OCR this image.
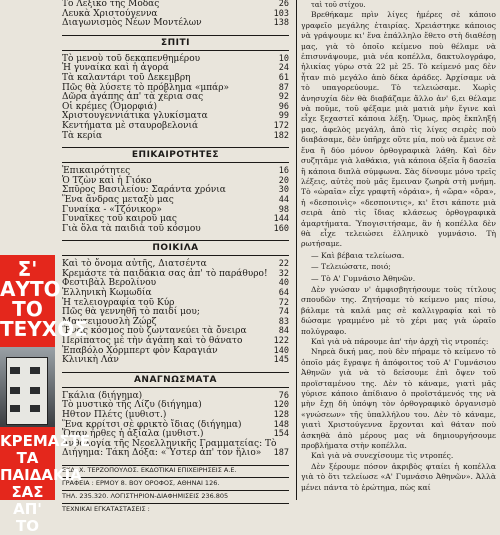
Τὸ Λεξικὸ τῆς Μόδας	26
Λευκὰ Χριστούγεννα	103
Διαγωνισμὸς Νέων Μοντέλων	138
ΣΠΙΤΙ
Τὸ μενοὺ τοῦ δεκαπενθημέρου	10
Ἡ γυναίκα καὶ ἡ ἀγορά	24
Τὰ καλαντάρι τοῦ Δεκεμβρη	61
Πῶς θὰ λύσετε τὸ πρόβλημα «μπάρ»	87
Δῶρα ἀγάπης ἀπ' τὰ χέρια σας	92
Οἱ κρέμες (Ὁμορφιά)	96
Χριστουγεννιάτικα γλυκίσματα	99
Κεντήματα μὲ σταυροβελονιά	172
Τὰ κερία	182
ΕΠΙΚΑΙΡΟΤΗΤΕΣ
Ἐπικαιρότητες	16
Ὁ Τζὼν καὶ ἡ Γιόκο	20
Σπῦρος Βασιλείου: Σαράντα χρόνια	30
Ἕνα ἄνδρας μεταξὺ μας	44
Γυναίκα - «Τζόνικορ»	98
Γυναῖκες τοῦ καιροῦ μας	144
Γιὰ ὅλα τὰ παιδιὰ τοῦ κόσμου	160
ΠΟΙΚΙΛΑ
Καὶ τὸ ὄνομα αὐτῆς, Διατσέντα	22
Κρεμάστε τὰ παιδάκια σας ἀπ' τὸ παράθυρο!	32
Φεστιβὰλ Βερολίνου	40
Ἑλληνικὴ Κωμωδία	64
Ἡ τελειογραφία τοῦ Κύρ	72
Πῶς θὰ γεννηθῆ τὸ παιδί μου;	74
Μαντειμουσλὴ Ζώρζ	83
Ἕνας κόσμος ποὺ ζωντανεύει τὰ ὄνειρα	84
Περίπατος μὲ τὴν ἀγάπη καὶ τὸ θάνατο	122
Ἐπαβόλο Χόρμπερτ φὸν Καραγιάν	140
Κλινικὴ Λάν	145
ΑΝΑΓΝΩΣΜΑΤΑ
Γκάλια (διήγημα)	76
Τὸ μυστικὸ τῆς Λίζυ (διήγημα)	120
Ηθτον Πλέτς (μυθιστ.)	128
Ἕνα κορίτσι σὲ φρικτὸ ἴδιας (διήγημα)	148
Ὅταν ἦρθες ἡ ἀξίαλα (μυθιστ.)	154
Ἀνθολογία τῆς Νεοελληνικῆς Γραμματείας: Τὸ
Διήγημα: Τάκη Δόξα: «Ὕστερ ἀπ' τὸν ἥλιο»	187
ΕΚΔ. Χ. ΤΕΡΖΟΠΟΥΛΟΣ. ΕΚΔΟΤΙΚΑΙ ΕΠΙΧΕΙΡΗΣΕΙΣ Α.Ε.
ΓΡΑΦΕΙΑ : ΕΡΜΟΥ 8. ΒΟΥ ΟΡΟΦΟΣ, ΑΘΗΝΑΙ 126.
ΤΗΛ. 235.320. ΛΟΓΙΣΤΗΡΙΟΝ-ΔΙΑΦΗΜΙΣΕΙΣ 236.805
ΤΕΧΝΙΚΑΙ ΕΓΚΑΤΑΣΤΑΣΕΙΣ :
Σ' ΑΥΤΟ
ΤΟ
ΤΕΥΧΟΣ
ΚΡΕΜΑΣΤΕ
ΤΑ
ΠΑΙΔΑΚΙΑ
ΣΑΣ
ΑΠ' ΤΟ

ταὶ τοῦ στίχου.

Βρεθήκαμε πρὶν λίγες ἡμέρες σὲ κάποιο γραφεῖο μεγάλης ἑταιρίας. Χρειάστηκε κάποιος νὰ γράψουμε κι' ἕνα ἐπάλληλο ἔθετο στὴ διαθέσῃ μας, γιὰ τὸ ὁποῖο κείμενο ποὺ θέλαμε νὰ ἐπισυνάψουμε, μιὰ νέα κοπέλλα, δακτυλογράφο, ἡλικίας γύρω στὰ 22 μὲ 25. Τὸ κείμενό μας δὲν ἦταν πιὸ μεγάλο ἀπὸ δέκα ἀράδες. Ἀρχίσαμε νὰ τὸ υπαγορεύουμε. Τὸ τελειώσαμε. Χωρὶς ἀνησυχία δὲν θὰ διαβάζαμε ἄλλο ἀν' 6,ει θέλαμε νὰ ποῦμε, τοῦ φέξαμε μιὰ ματιὰ μὴν ἔγινε καὶ εἶχε ξεχαστεῖ κάποια λέξη. Ὅμως, πρὸς ἔκπληξή μας, ἀφελὸς μεγάλη, ἀπὸ τὶς λίγες σειρὲς ποὺ διαβάσαμε, δὲν ὑπῆρχε οὔτε μία, ποὺ νὰ ἔμεινε σὲ ἕνα ἢ δύο μόνον ὀρθογραφικὰ λάθη. Καὶ δὲν συζητᾶμε γιὰ λαθάκια, γιὰ κάποια ὀξεῖα ἢ δασεῖα ἢ κάποια διπλὰ σύμφωνα. Σὰς δίνουμε μόνο τρεῖς λέξεις, αὐτὲς ποὺ μᾶς ἔμειναν ζωηρὰ στὴ μνήμη. Τὸ «ὡραῖα» εἶχε γραφτῆ «ὀράια», ἡ «ὥρα» «ὄρα», ἡ «δεσποινὶς» «δεσποιντις», κι' ἔτσι κάποτε μιὰ σειρὰ ἀπὸ τὶς ἴδιας κλάσεως ὀρθογραφικὰ ἁμαρτήματα. Ὑπογισιτήσαμε, ἂν ἡ κοπέλλα δὲν θὰ εἶχε τελειώσει ἑλληνικὸ γυμνάσιο. Τὴ ρωτήσαμε.

— Καὶ βέβαια τελείωσα.

— Τελειώσατε, ποιό;

— Τὸ Α' Γυμνάσιο Ἀθηνῶν.

Δὲν γνώσαν ν' ἀμφισβητήσουμε τοὺς τίτλους σπουδῶν της. Ζητήσαμε τὸ κείμενο μας πίσω, βάλαμε τὰ καλά μας σὲ καλλιγραφία καὶ τὸ δώσαμε γραμμένο μὲ τὸ χέρι μας γιὰ ὠραῖο πολύγραφο.

Καὶ γιὰ νὰ πάρουμε ἀπ' τὴν ἀρχὴ τὶς ντροπές:

Νηρεὰ δική μας, ποὺ δὲν πήραμε τὸ κείμενο τὸ ὁποῖο μάς ἔγραψε ἡ ἀπόφοιτος τοῦ Α' Γυμνάσιου Ἀθηνῶν γιὰ νὰ τὸ δείσουμε ἐπὶ ὄψεν τοῦ προϊσταμένου της. Δὲν τὸ κάναμε, γιατὶ μᾶς γύρισε κάποιο ἀπίδιανο ὁ προϊστάμενός της νὰ μὴν ἔχῃ δὴ ὑπόψη τὸν ὀρθογραφικὸ ὀργανισμὸ «γνώσεων» τῆς ὑπαλλήλου του. Δὲν τὸ κάναμε, γιατὶ Χριστούγεννα ἔρχονται καὶ θάταν ποὺ ἀσκηθὰ ἀπὸ μέρους μας νὰ δημιουργήσουμε προβλήματα στὴν κοπέλλα.

Καὶ γιὰ νὰ συνεχίσουμε τὶς ντροπές.

Δὲν ξέρουμε πόσον ἀκριβὸς φταίει ἡ κοπέλλα γιὰ τὸ ὅτι τελείωσε «Α' Γυμνάσιο Ἀθηνῶν». Ἀλλὰ μένει πάντα τὸ ἐρώτημα, πὼς καί
